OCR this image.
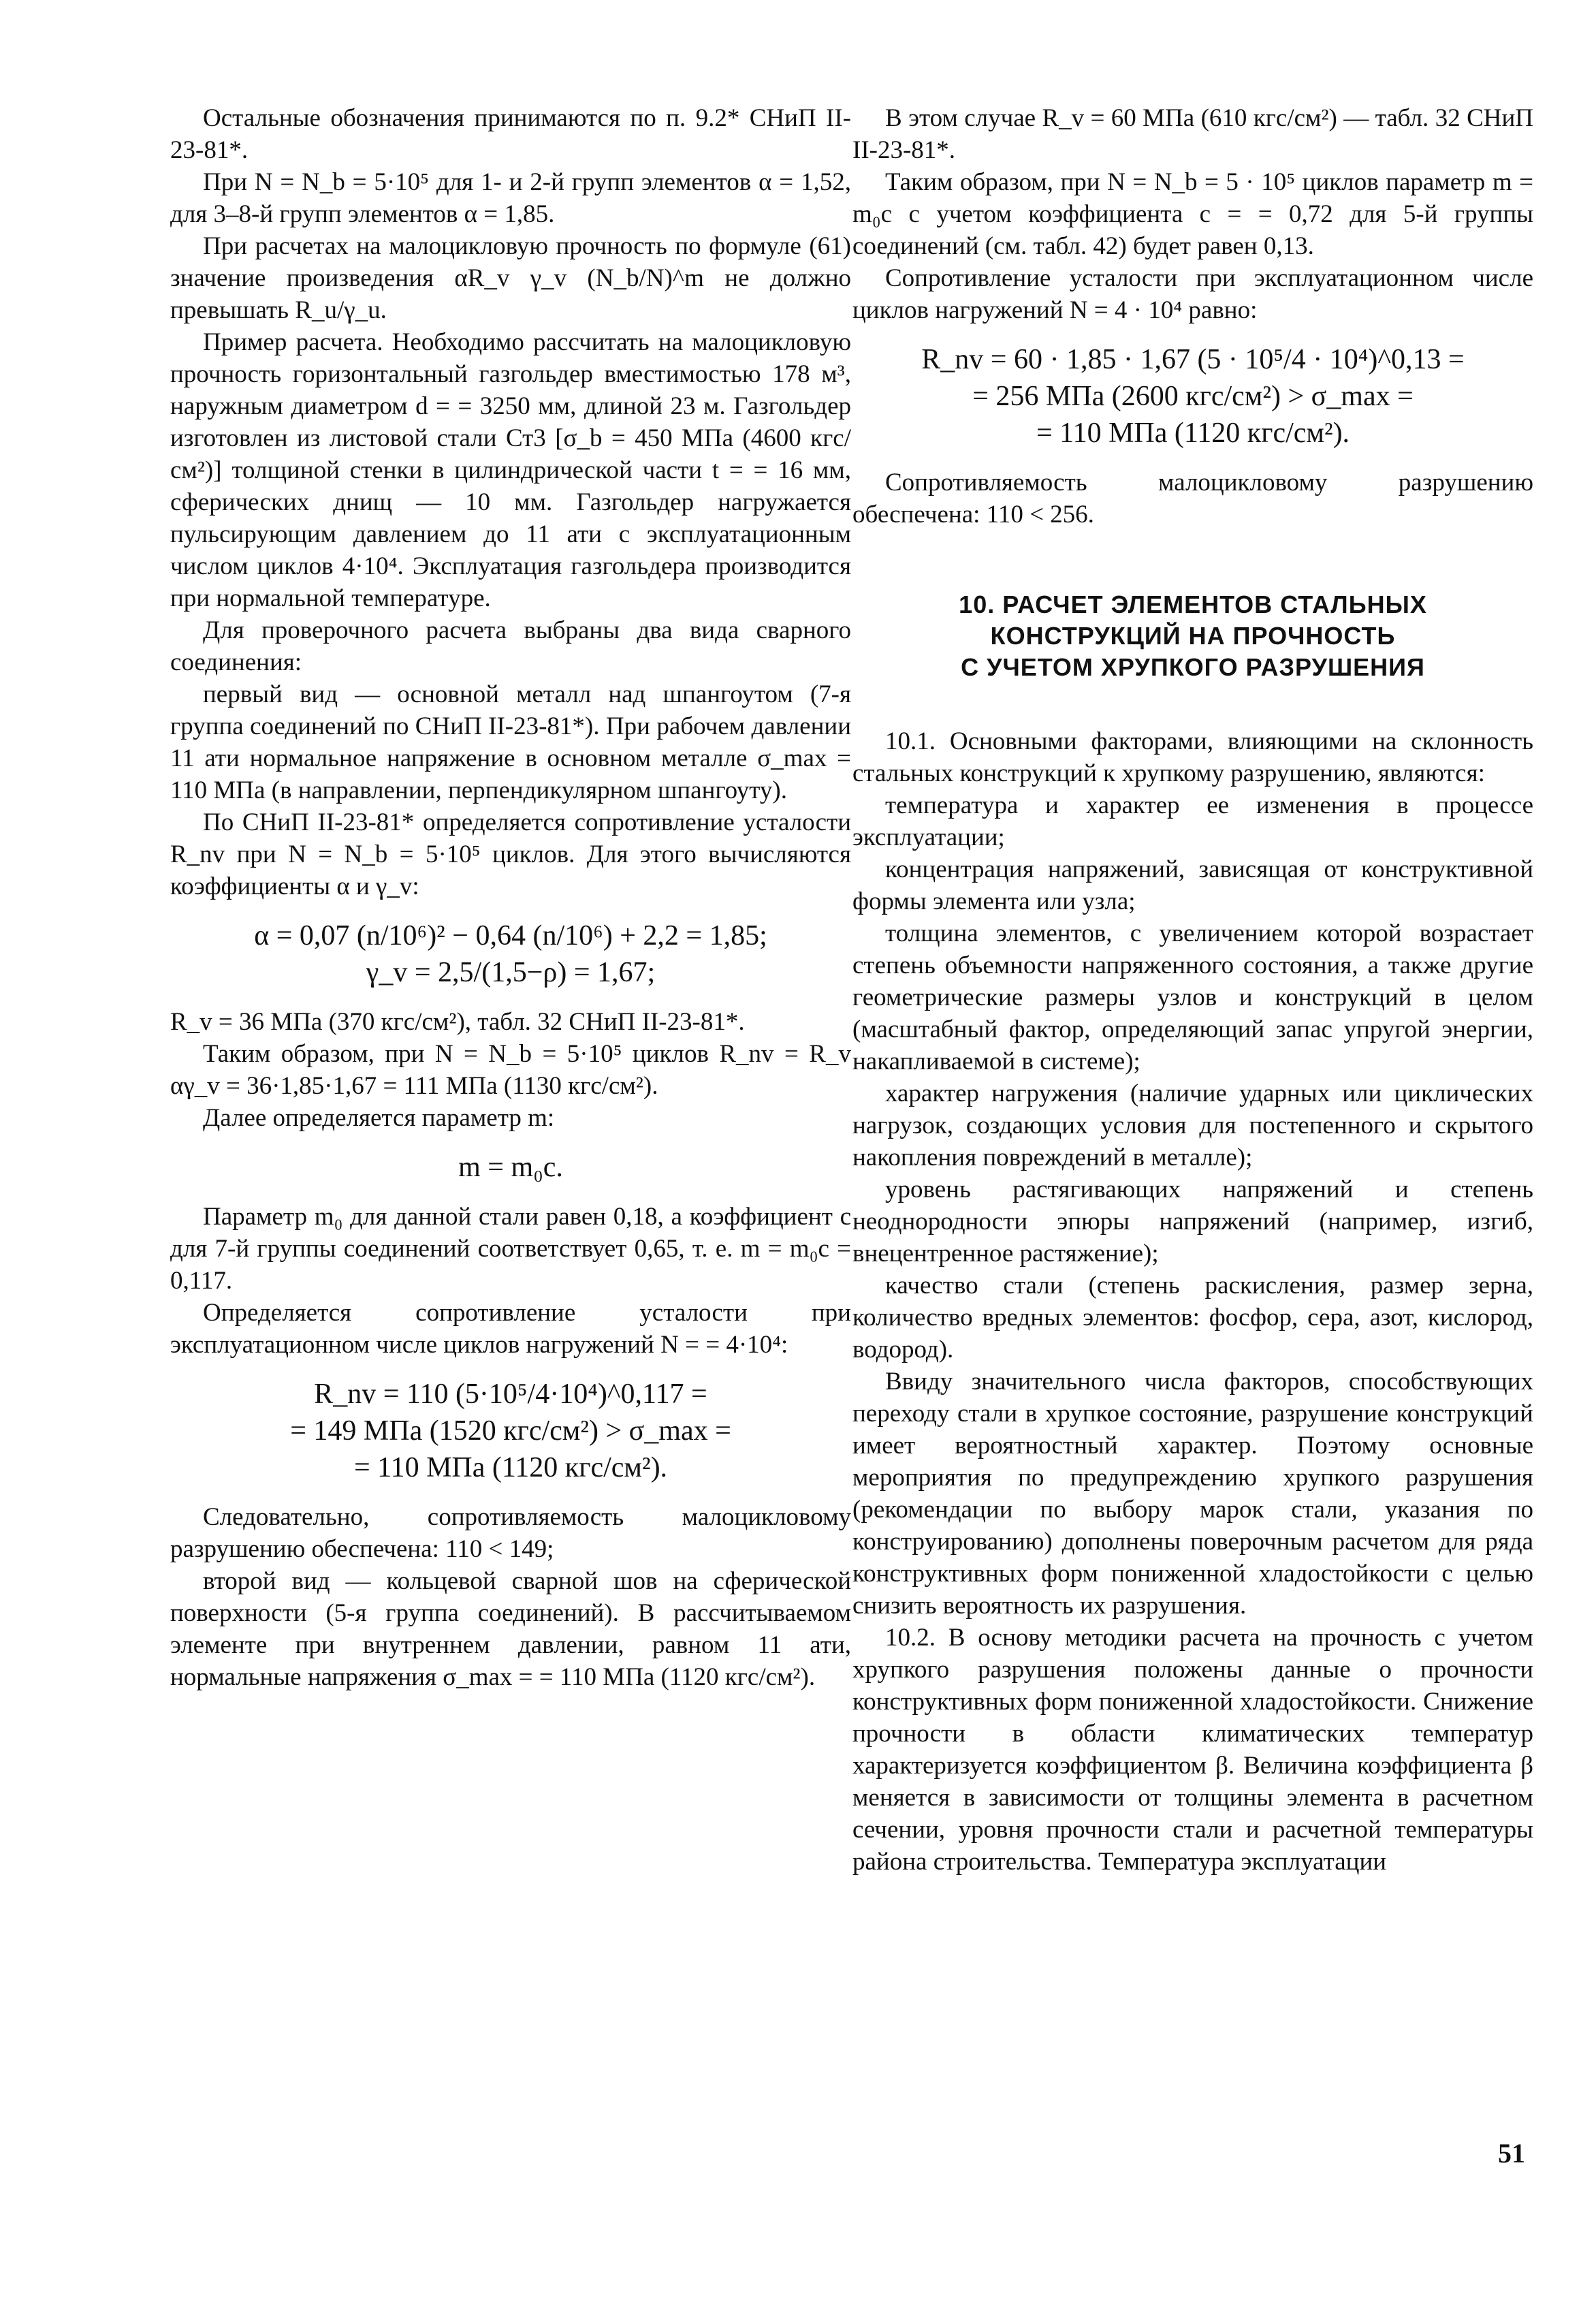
Остальные обозначения принимаются по п. 9.2* СНиП II-23-81*.

При N = N_b = 5·10⁵ для 1- и 2-й групп элементов α = 1,52, для 3–8-й групп элементов α = 1,85.

При расчетах на малоцикловую прочность по формуле (61) значение произведения αR_v γ_v (N_b/N)^m не должно превышать R_u/γ_u.

Пример расчета. Необходимо рассчитать на малоцикловую прочность горизонтальный газгольдер вместимостью 178 м³, наружным диаметром d = = 3250 мм, длиной 23 м. Газгольдер изготовлен из листовой стали Ст3 [σ_b = 450 МПа (4600 кгс/см²)] толщиной стенки в цилиндрической части t = = 16 мм, сферических днищ — 10 мм. Газгольдер нагружается пульсирующим давлением до 11 ати с эксплуатационным числом циклов 4·10⁴. Эксплуатация газгольдера производится при нормальной температуре.

Для проверочного расчета выбраны два вида сварного соединения:

первый вид — основной металл над шпангоутом (7-я группа соединений по СНиП II-23-81*). При рабочем давлении 11 ати нормальное напряжение в основном металле σ_max = 110 МПа (в направлении, перпендикулярном шпангоуту).

По СНиП II-23-81* определяется сопротивление усталости R_nv при N = N_b = 5·10⁵ циклов. Для этого вычисляются коэффициенты α и γ_v:

α = 0,07 (n/10⁶)² − 0,64 (n/10⁶) + 2,2 = 1,85;
γ_v = 2,5/(1,5−ρ) = 1,67;

R_v = 36 МПа (370 кгс/см²), табл. 32 СНиП II-23-81*.

Таким образом, при N = N_b = 5·10⁵ циклов R_nv = R_v αγ_v = 36·1,85·1,67 = 111 МПа (1130 кгс/см²).

Далее определяется параметр m:

m = m₀c.

Параметр m₀ для данной стали равен 0,18, а коэффициент c для 7-й группы соединений соответствует 0,65, т. е. m = m₀c = 0,117.

Определяется сопротивление усталости при эксплуатационном числе циклов нагружений N = = 4·10⁴:

R_nv = 110 (5·10⁵/4·10⁴)^0,117 =
= 149 МПа (1520 кгс/см²) > σ_max =
= 110 МПа (1120 кгс/см²).

Следовательно, сопротивляемость малоцикловому разрушению обеспечена: 110 < 149;

второй вид — кольцевой сварной шов на сферической поверхности (5-я группа соединений). В рассчитываемом элементе при внутреннем давлении, равном 11 ати, нормальные напряжения σ_max = = 110 МПа (1120 кгс/см²).

В этом случае R_v = 60 МПа (610 кгс/см²) — табл. 32 СНиП II-23-81*.

Таким образом, при N = N_b = 5 · 10⁵ циклов параметр m = m₀c с учетом коэффициента c = = 0,72 для 5-й группы соединений (см. табл. 42) будет равен 0,13.

Сопротивление усталости при эксплуатационном числе циклов нагружений N = 4 · 10⁴ равно:

R_nv = 60 · 1,85 · 1,67 (5 · 10⁵/4 · 10⁴)^0,13 =
= 256 МПа (2600 кгс/см²) > σ_max =
= 110 МПа (1120 кгс/см²).

Сопротивляемость малоцикловому разрушению обеспечена: 110 < 256.

10. РАСЧЕТ ЭЛЕМЕНТОВ СТАЛЬНЫХ
КОНСТРУКЦИЙ НА ПРОЧНОСТЬ
С УЧЕТОМ ХРУПКОГО РАЗРУШЕНИЯ

10.1. Основными факторами, влияющими на склонность стальных конструкций к хрупкому разрушению, являются:

температура и характер ее изменения в процессе эксплуатации;

концентрация напряжений, зависящая от конструктивной формы элемента или узла;

толщина элементов, с увеличением которой возрастает степень объемности напряженного состояния, а также другие геометрические размеры узлов и конструкций в целом (масштабный фактор, определяющий запас упругой энергии, накапливаемой в системе);

характер нагружения (наличие ударных или циклических нагрузок, создающих условия для постепенного и скрытого накопления повреждений в металле);

уровень растягивающих напряжений и степень неоднородности эпюры напряжений (например, изгиб, внецентренное растяжение);

качество стали (степень раскисления, размер зерна, количество вредных элементов: фосфор, сера, азот, кислород, водород).

Ввиду значительного числа факторов, способствующих переходу стали в хрупкое состояние, разрушение конструкций имеет вероятностный характер. Поэтому основные мероприятия по предупреждению хрупкого разрушения (рекомендации по выбору марок стали, указания по конструированию) дополнены поверочным расчетом для ряда конструктивных форм пониженной хладостойкости с целью снизить вероятность их разрушения.

10.2. В основу методики расчета на прочность с учетом хрупкого разрушения положены данные о прочности конструктивных форм пониженной хладостойкости. Снижение прочности в области климатических температур характеризуется коэффициентом β. Величина коэффициента β меняется в зависимости от толщины элемента в расчетном сечении, уровня прочности стали и расчетной температуры района строительства. Температура эксплуатации

51
